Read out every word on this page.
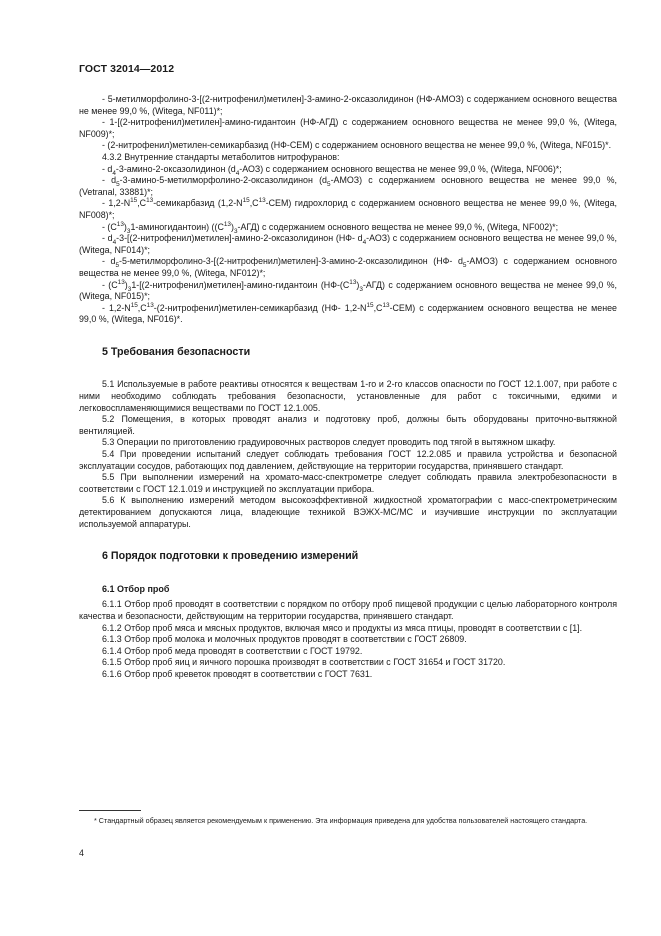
ГОСТ 32014—2012

- 5-метилморфолино-3-[(2-нитрофенил)метилен]-3-амино-2-оксазолидинон (НФ-АМОЗ) с содержанием основного вещества не менее 99,0 %, (Witega, NF011)*;

- 1-[(2-нитрофенил)метилен]-амино-гидантоин (НФ-АГД) с содержанием основного вещества не менее 99,0 %, (Witega, NF009)*;

- (2-нитрофенил)метилен-семикарбазид (НФ-СЕМ) с содержанием основного вещества не менее 99,0 %, (Witega, NF015)*.

4.3.2 Внутренние стандарты метаболитов нитрофуранов:

- $d_4-3-амино-2$-оксазолидинон $(d_4-АОЗ)$ с содержанием основного вещества не менее 99,0 %, (Witega, NF006)*;

- $d_5-3-амино-5-метилморфолино-2$-оксазолидинон $(d_5-АМОЗ)$ с содержанием основного вещества не менее 99,0 %, (Vetranal, 33881)*;

- $1,2-N^{15},C^{13}$-семикарбазид $(1,2-N^{15},C^{13}-СЕМ)$ гидрохлорид с содержанием основного вещества не менее 99,0 %, (Witega, NF008)*;

- $(C^{13})_31-аминогидантоин$) $((C^{13})_3-АГД)$ с содержанием основного вещества не менее 99,0 %, (Witega, NF002)*;

- $d_4-3-[(2-нитрофенил)метилен]-амино-2$-оксазолидинон (НФ- $d_4-АОЗ$) с содержанием основного вещества не менее 99,0 %, (Witega, NF014)*;

- $d_5-5-метилморфолино-3-[(2-нитрофенил)метилен]-3-амино-2$-оксазолидинон (НФ- $d_5-АМОЗ$) с содержанием основного вещества не менее 99,0 %, (Witega, NF012)*;

- $(C^{13})_31-[(2-нитрофенил)метилен]-амино$-гидантоин $(НФ-(C^{13})_3-АГД)$ с содержанием основного вещества не менее 99,0 %, (Witega, NF015)*;

- $1,2-N^{15},C^{13}-(2-нитрофенил)метилен$-семикарбазид (НФ- $1,2-N^{15},C^{13}-СЕМ$) с содержанием основного вещества не менее 99,0 %, (Witega, NF016)*.

5 Требования безопасности

5.1 Используемые в работе реактивы относятся к веществам 1-го и 2-го классов опасности по ГОСТ 12.1.007, при работе с ними необходимо соблюдать требования безопасности, установленные для работ с токсичными, едкими и легковоспламеняющимися веществами по ГОСТ 12.1.005.

5.2 Помещения, в которых проводят анализ и подготовку проб, должны быть оборудованы приточно-вытяжной вентиляцией.

5.3 Операции по приготовлению градуировочных растворов следует проводить под тягой в вытяжном шкафу.

5.4 При проведении испытаний следует соблюдать требования ГОСТ 12.2.085 и правила устройства и безопасной эксплуатации сосудов, работающих под давлением, действующие на территории государства, принявшего стандарт.

5.5 При выполнении измерений на хромато-масс-спектрометре следует соблюдать правила электробезопасности в соответствии с ГОСТ 12.1.019 и инструкцией по эксплуатации прибора.

5.6 К выполнению измерений методом высокоэффективной жидкостной хроматографии с масс-спектрометрическим детектированием допускаются лица, владеющие техникой ВЭЖХ-МС/МС и изучившие инструкции по эксплуатации используемой аппаратуры.

6 Порядок подготовки к проведению измерений
6.1 Отбор проб

6.1.1 Отбор проб проводят в соответствии с порядком по отбору проб пищевой продукции с целью лабораторного контроля качества и безопасности, действующим на территории государства, принявшего стандарт.

6.1.2 Отбор проб мяса и мясных продуктов, включая мясо и продукты из мяса птицы, проводят в соответствии с [1].

6.1.3 Отбор проб молока и молочных продуктов проводят в соответствии с ГОСТ 26809.

6.1.4 Отбор проб меда проводят в соответствии с ГОСТ 19792.

6.1.5 Отбор проб яиц и яичного порошка производят в соответствии с ГОСТ 31654 и ГОСТ 31720.

6.1.6 Отбор проб креветок проводят в соответствии с ГОСТ 7631.

* Стандартный образец является рекомендуемым к применению. Эта информация приведена для удобства пользователей настоящего стандарта.
4
